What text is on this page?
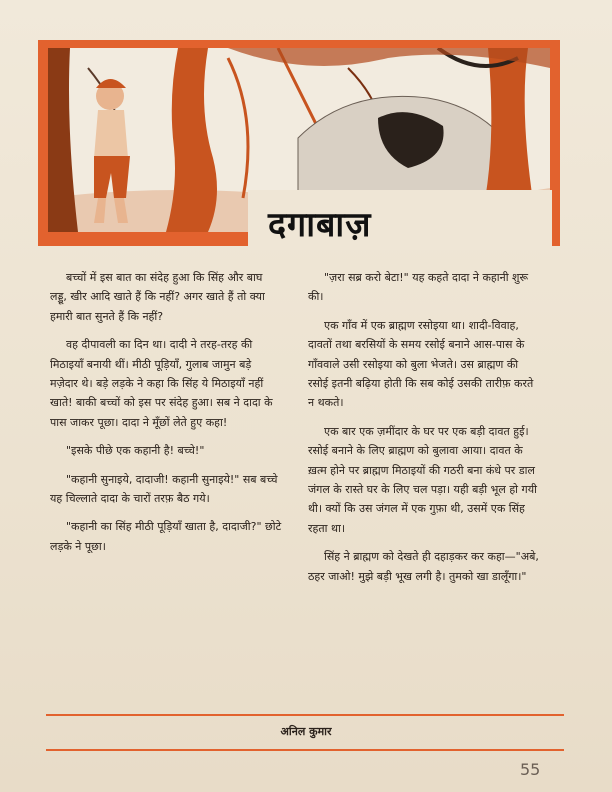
दगाबाज़

बच्चों में इस बात का संदेह हुआ कि सिंह और बाघ लड्डू, खीर आदि खाते हैं कि नहीं? अगर खाते हैं तो क्या हमारी बात सुनते हैं कि नहीं?

वह दीपावली का दिन था। दादी ने तरह-तरह की मिठाइयाँ बनायी थीं। मीठी पूड़ियाँ, गुलाब जामुन बड़े मज़ेदार थे। बड़े लड़के ने कहा कि सिंह ये मिठाइयाँ नहीं खाते! बाकी बच्चों को इस पर संदेह हुआ। सब ने दादा के पास जाकर पूछा। दादा ने मूँछों लेते हुए कहा!

"इसके पीछे एक कहानी है! बच्चे!"

"कहानी सुनाइये, दादाजी! कहानी सुनाइये!" सब बच्चे यह चिल्लाते दादा के चारों तरफ़ बैठ गये।

"कहानी का सिंह मीठी पूड़ियाँ खाता है, दादाजी?" छोटे लड़के ने पूछा।

"ज़रा सब्र करो बेटा!" यह कहते दादा ने कहानी शुरू की।

एक गाँव में एक ब्राह्मण रसोइया था। शादी-विवाह, दावतों तथा बरसियों के समय रसोई बनाने आस-पास के गाँववाले उसी रसोइया को बुला भेजते। उस ब्राह्मण की रसोई इतनी बढ़िया होती कि सब कोई उसकी तारीफ़ करते न थकते।

एक बार एक ज़मींदार के घर पर एक बड़ी दावत हुई। रसोई बनाने के लिए ब्राह्मण को बुलावा आया। दावत के ख़त्म होने पर ब्राह्मण मिठाइयों की गठरी बना कंधे पर डाल जंगल के रास्ते घर के लिए चल पड़ा। यही बड़ी भूल हो गयी थी। क्यों कि उस जंगल में एक गुफ़ा थी, उसमें एक सिंह रहता था।

सिंह ने ब्राह्मण को देखते ही दहाड़कर कर कहा—"अबे, ठहर जाओ! मुझे बड़ी भूख लगी है। तुमको खा डालूँगा।"

अनिल कुमार
55
